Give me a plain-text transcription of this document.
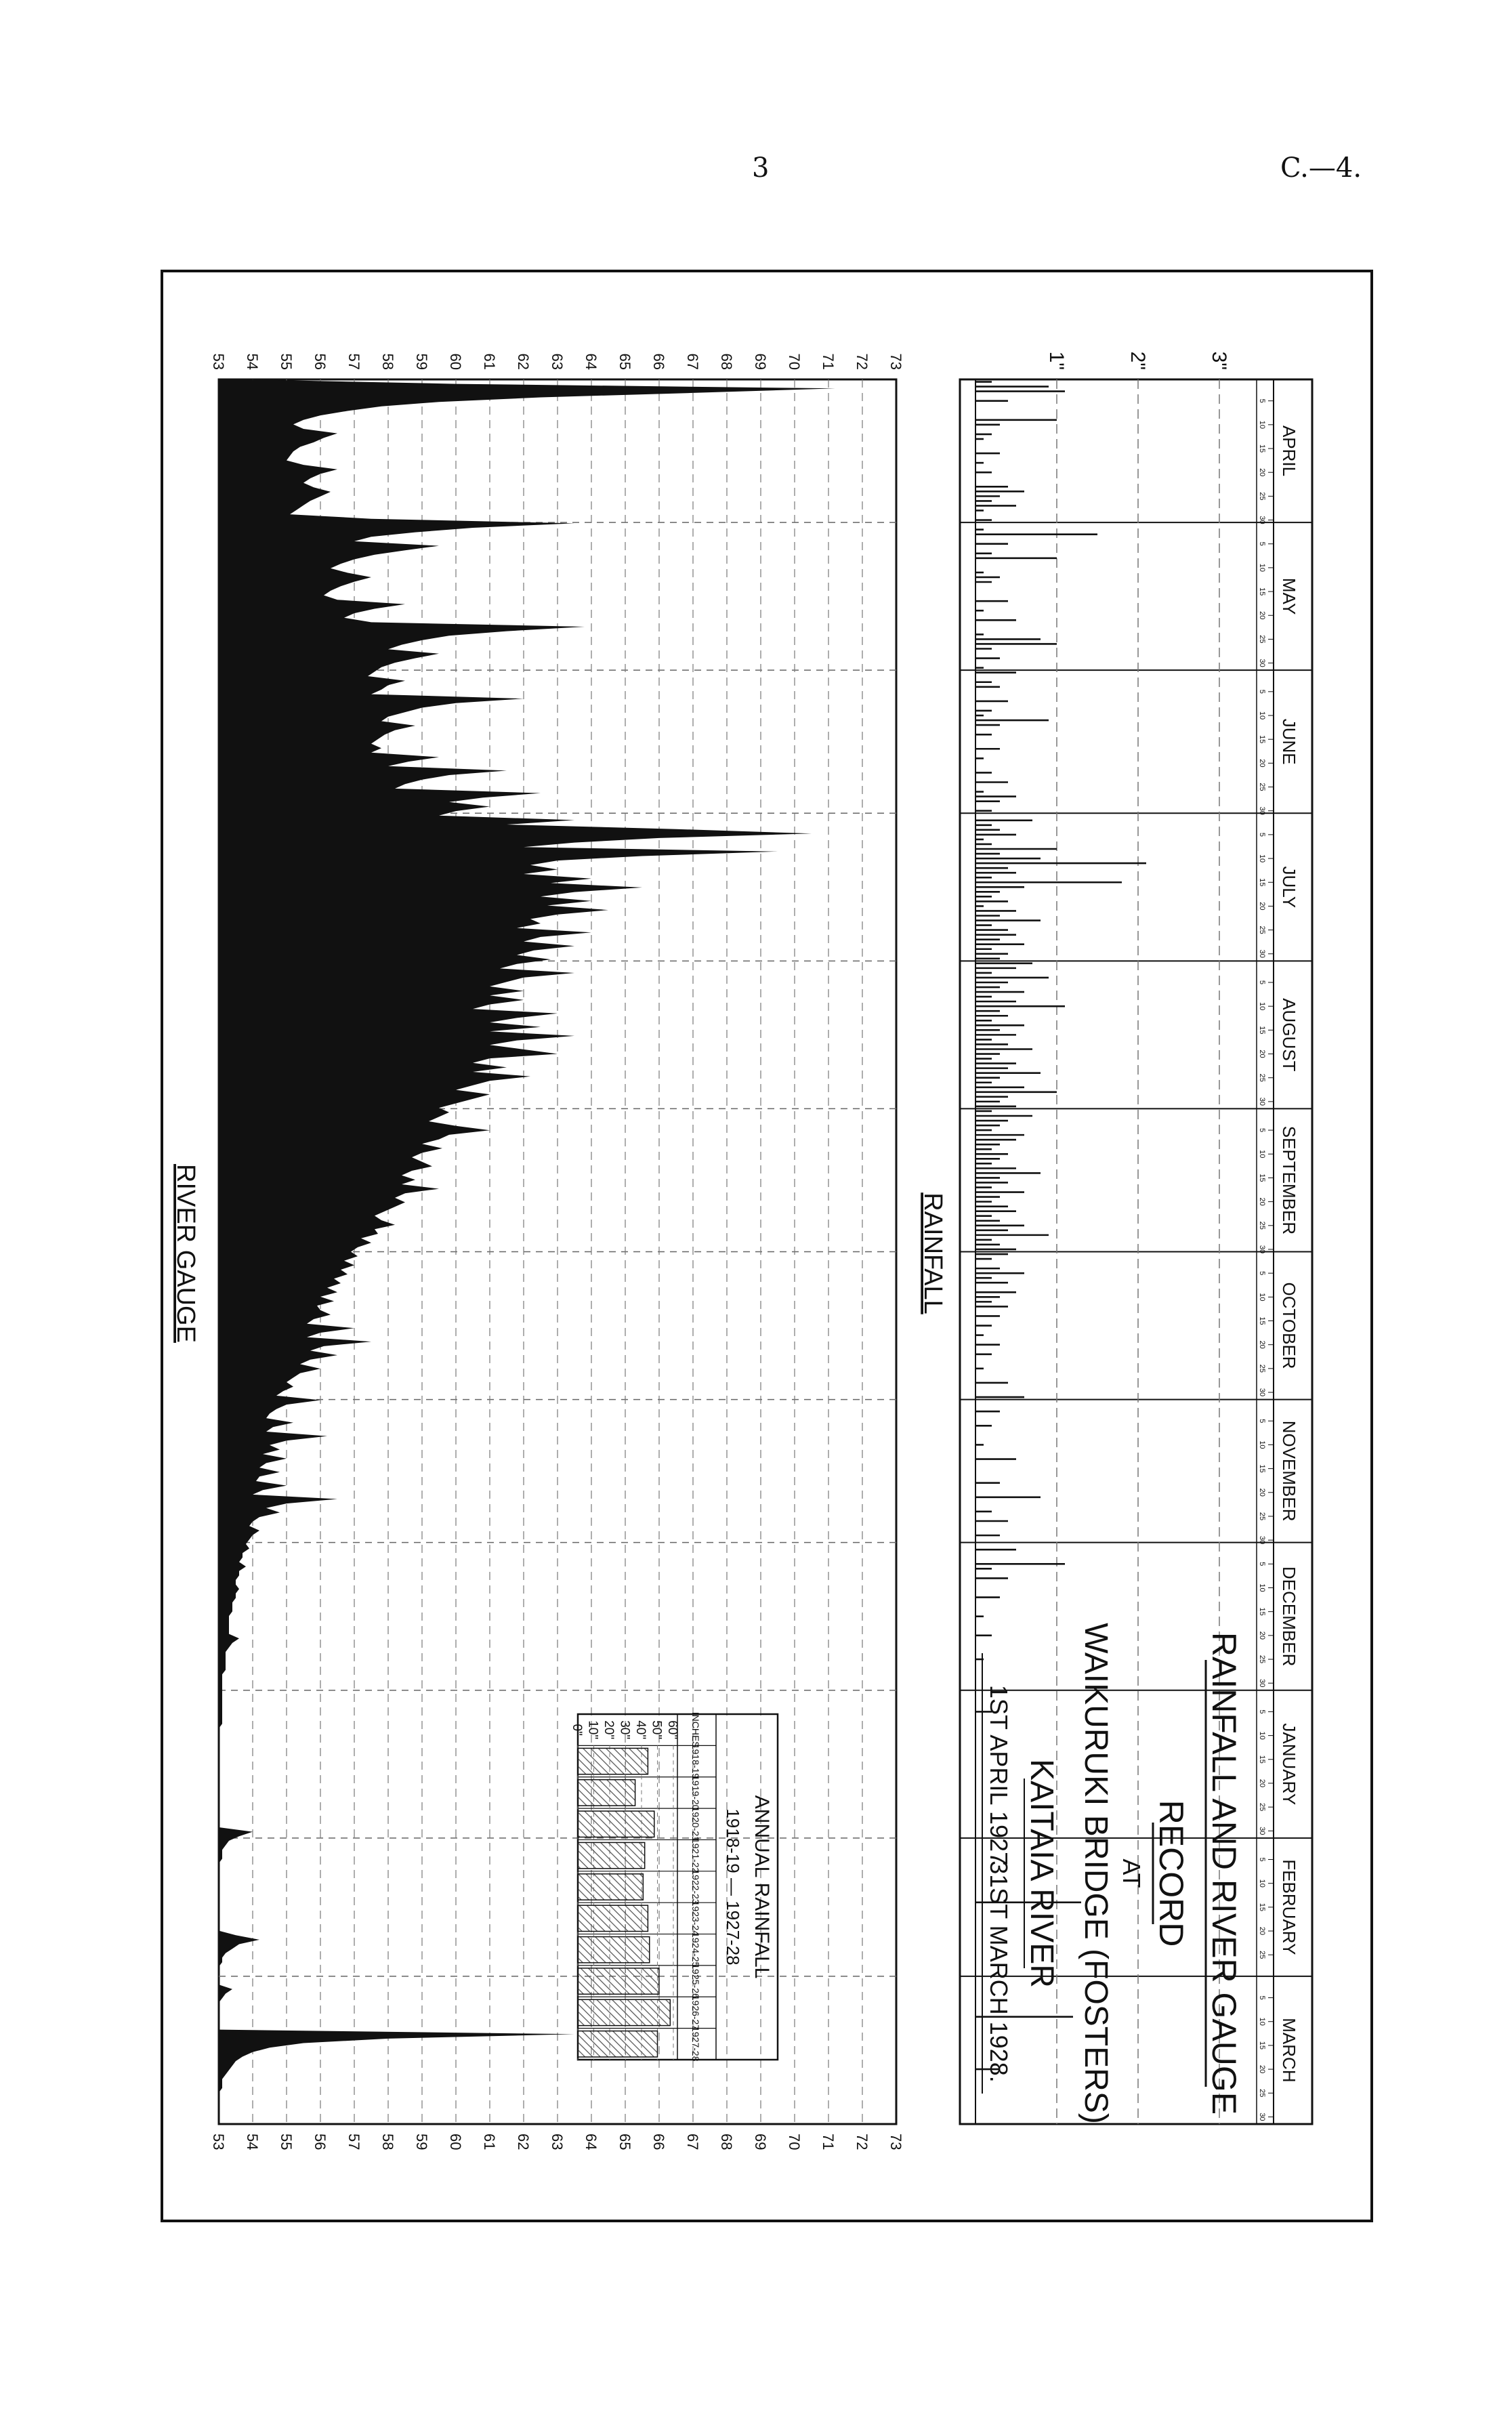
3	C.—4.
APRIL
MAY
JUNE
JULY
AUGUST
SEPTEMBER
OCTOBER
NOVEMBER
DECEMBER
JANUARY
FEBRUARY
MARCH
5
10
15
20
25
30
5
10
15
20
25
30
5
10
15
20
25
30
5
10
15
20
25
30
5
10
15
20
25
30
5
10
15
20
25
30
5
10
15
20
25
30
5
10
15
20
25
30
5
10
15
20
25
30
5
10
15
20
25
30
5
10
15
20
25
5
10
15
20
25
30
1"	2"	3"
RAINFALL
53 54 55 56 57 58 59 60 61 62 63 64 65 66 67 68 69 70 71 72 73
53 54 55 56 57 58 59 60 61 62 63 64 65 66 67 68 69 70 71 72 73
RIVER GAUGE
RAINFALL AND RIVER GAUGE
RECORD
AT
WAIKURUKI BRIDGE (FOSTERS)
KAITAIA RIVER
1ST APRIL 1927
31ST MARCH 1928.
ANNUAL RAINFALL
1918-19 — 1927-28
0" 10" 20" 30" 40" 50" 60" INCHES
1918-19
1919-20
1920-21
1921-22
1922-23
1923-24
1924-25
1925-26
1926-27
1927-28
